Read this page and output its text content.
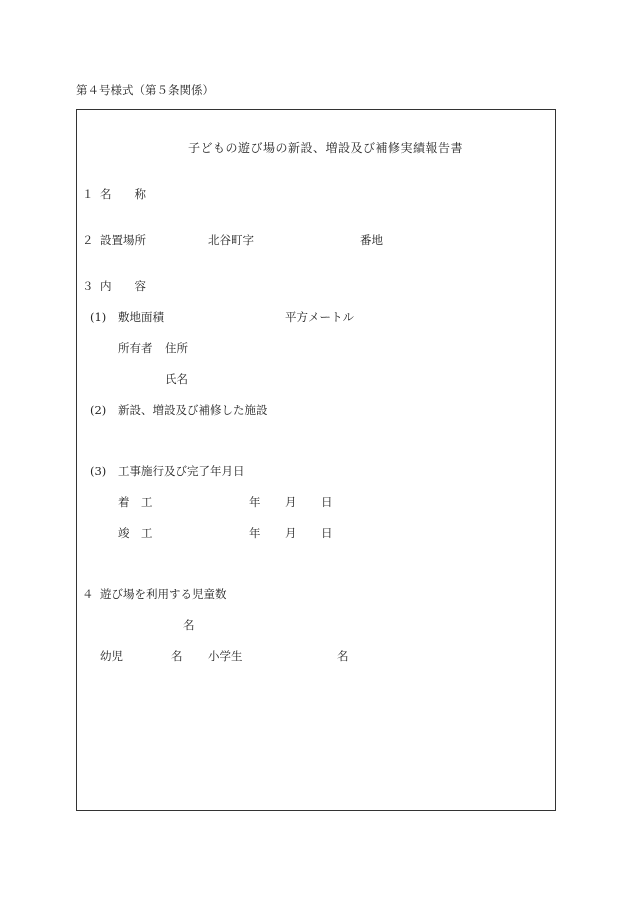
第４号様式（第５条関係）
子どもの遊び場の新設、増設及び補修実績報告書
１ 名　　称
２ 設置場所	北谷町字	番地
３ 内　　容
(1) 敷地面積	平方メートル
所有者 住所
氏名
(2) 新設、増設及び補修した施設
(3) 工事施行及び完了年月日
着　工	年 月 日
竣　工	年 月 日
４ 遊び場を利用する児童数
名
幼児	名 小学生	名
